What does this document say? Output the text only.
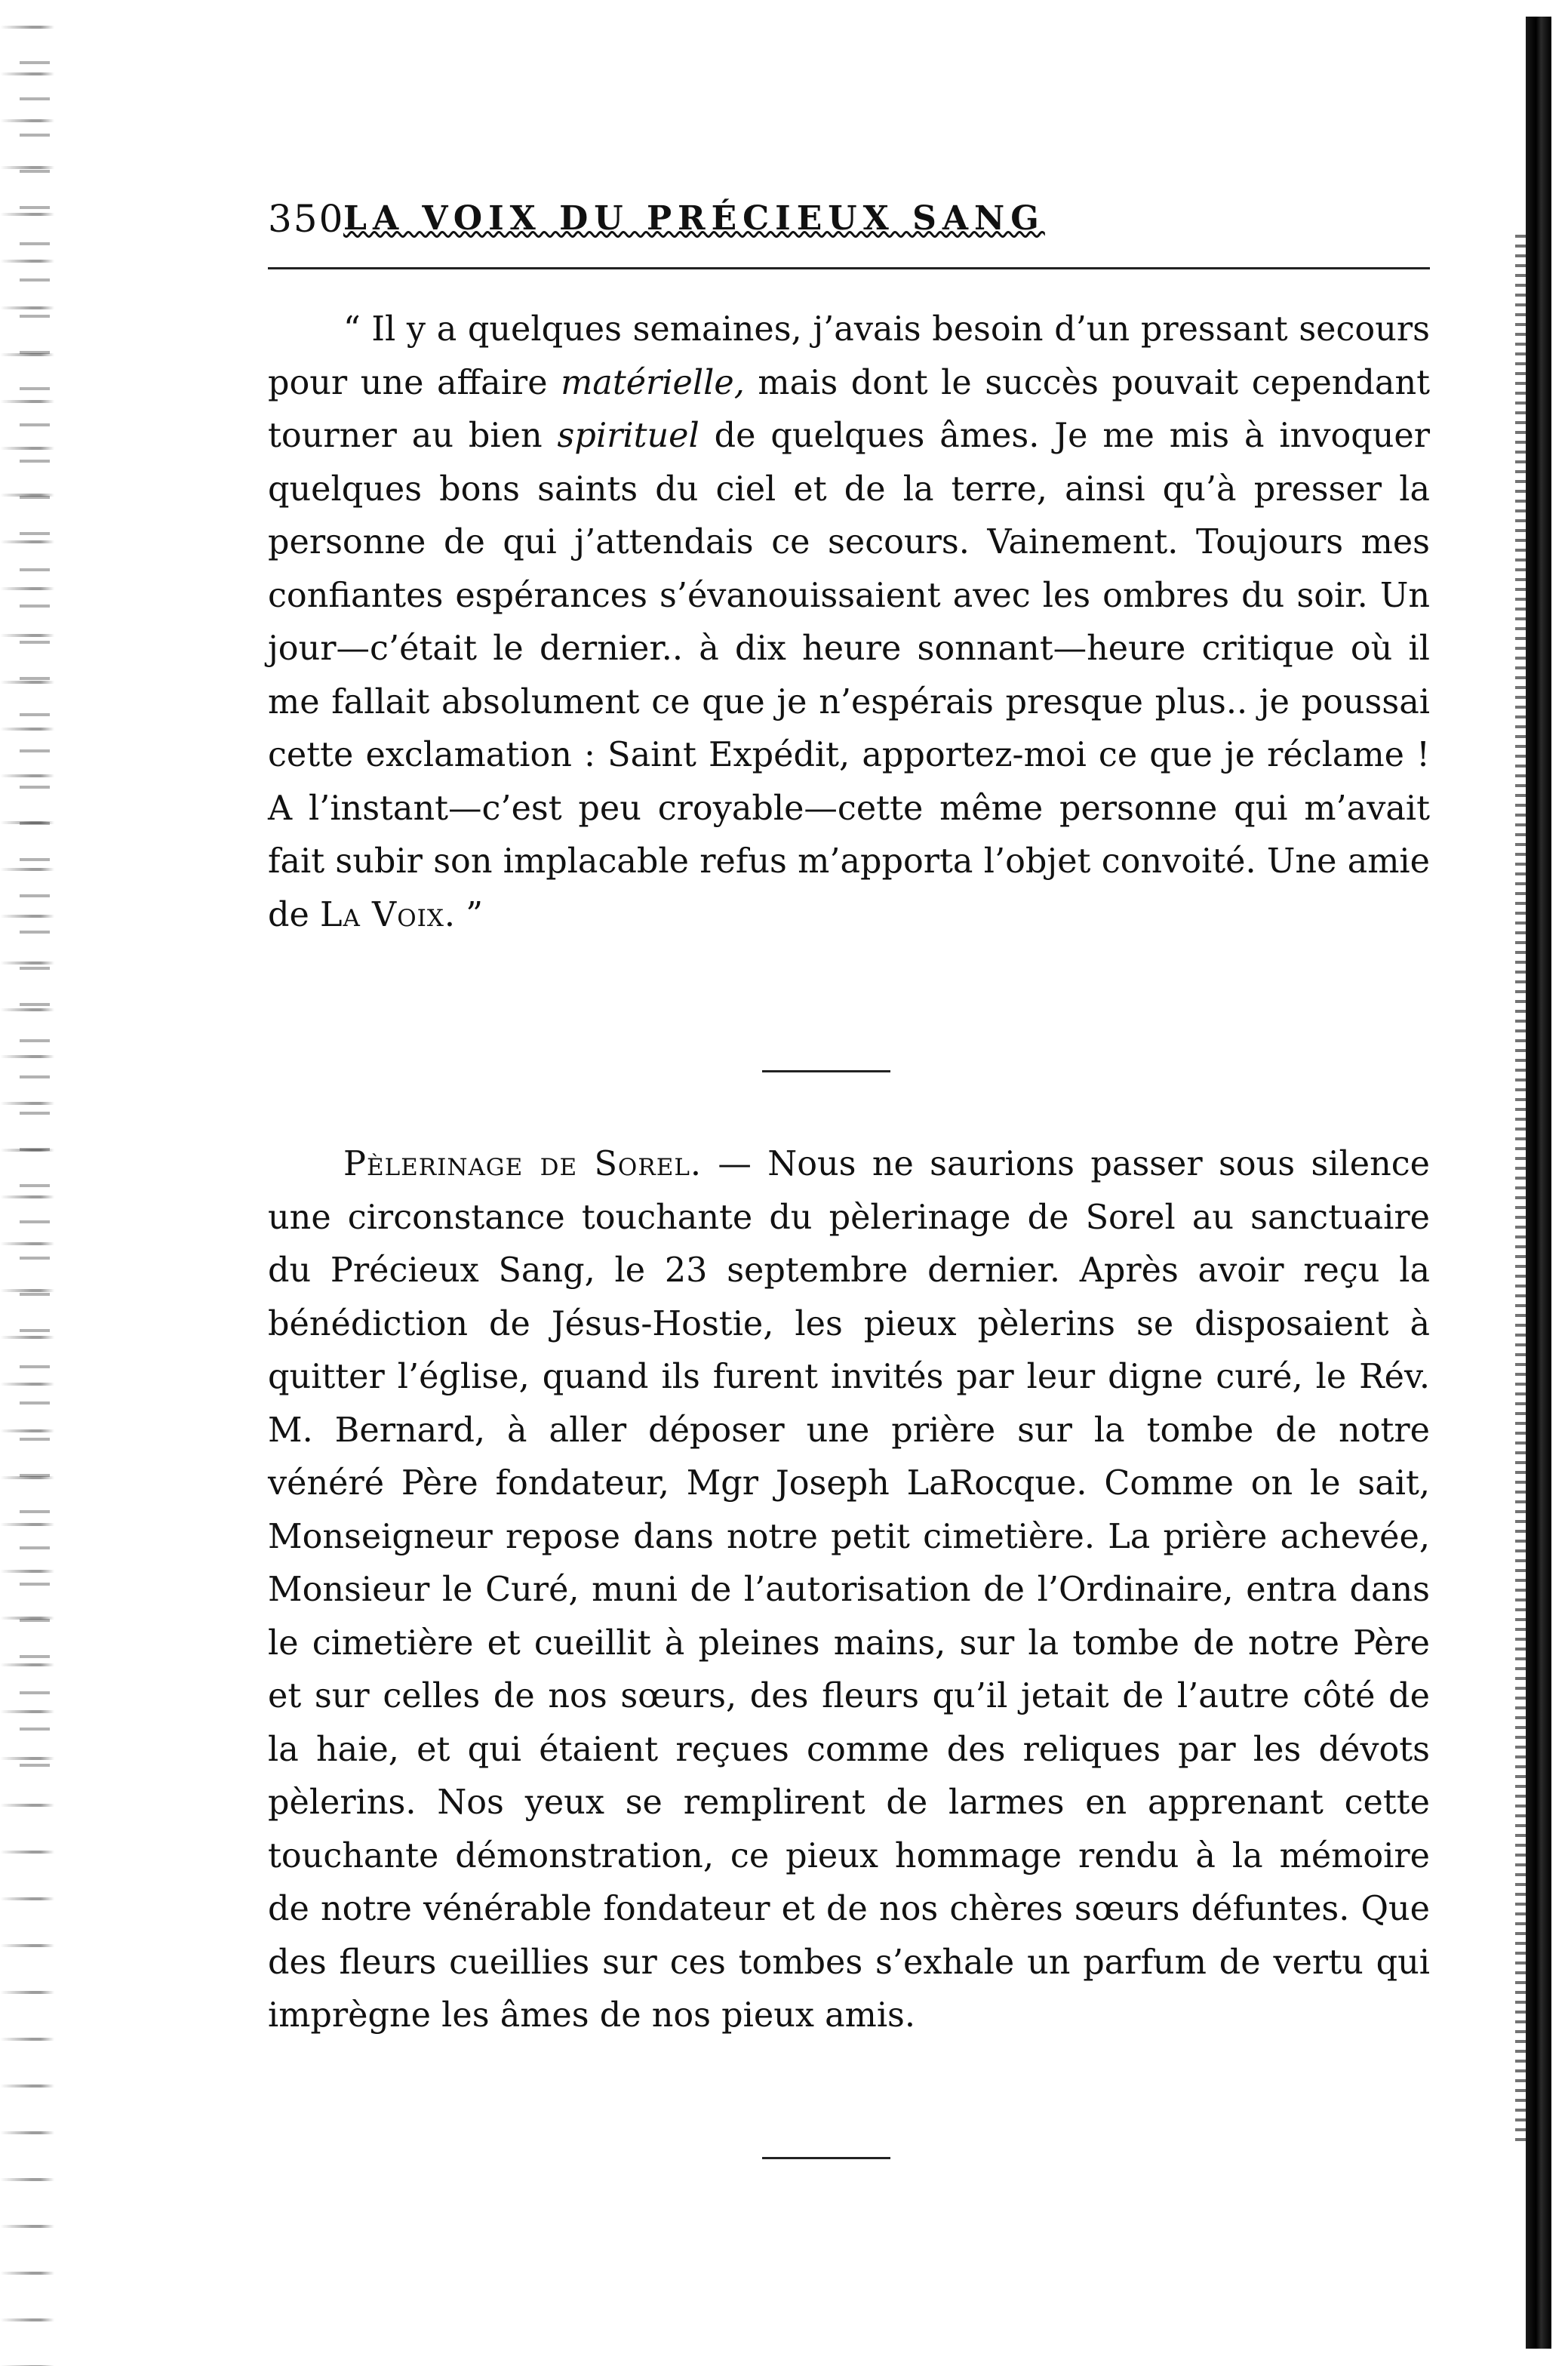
350
LA VOIX DU PRÉCIEUX SANG

“ Il y a quelques semaines, j’avais besoin d’un pressant secours pour une affaire matérielle, mais dont le succès pouvait cependant tourner au bien spirituel de quelques âmes. Je me mis à invoquer quelques bons saints du ciel et de la terre, ainsi qu’à presser la personne de qui j’attendais ce secours. Vainement. Toujours mes confiantes espérances s’évanouissaient avec les ombres du soir. Un jour—c’était le dernier.. à dix heure sonnant—heure critique où il me fallait absolument ce que je n’espérais presque plus.. je poussai cette exclamation : Saint Expédit, apportez-moi ce que je réclame ! A l’instant—c’est peu croyable—cette même personne qui m’avait fait subir son implacable refus m’apporta l’objet convoité. Une amie de La Voix. ”

Pèlerinage de Sorel. — Nous ne saurions passer sous silence une circonstance touchante du pèlerinage de Sorel au sanctuaire du Précieux Sang, le 23 septembre dernier. Après avoir reçu la bénédiction de Jésus-Hostie, les pieux pèlerins se disposaient à quitter l’église, quand ils furent invités par leur digne curé, le Rév. M. Bernard, à aller déposer une prière sur la tombe de notre vénéré Père fondateur, Mgr Joseph LaRocque. Comme on le sait, Monseigneur repose dans notre petit cimetière. La prière achevée, Monsieur le Curé, muni de l’autorisation de l’Ordinaire, entra dans le cimetière et cueillit à pleines mains, sur la tombe de notre Père et sur celles de nos sœurs, des fleurs qu’il jetait de l’autre côté de la haie, et qui étaient reçues comme des reliques par les dévots pèlerins. Nos yeux se remplirent de larmes en apprenant cette touchante démonstration, ce pieux hommage rendu à la mémoire de notre vénérable fondateur et de nos chères sœurs défuntes. Que des fleurs cueillies sur ces tombes s’exhale un parfum de vertu qui imprègne les âmes de nos pieux amis.
